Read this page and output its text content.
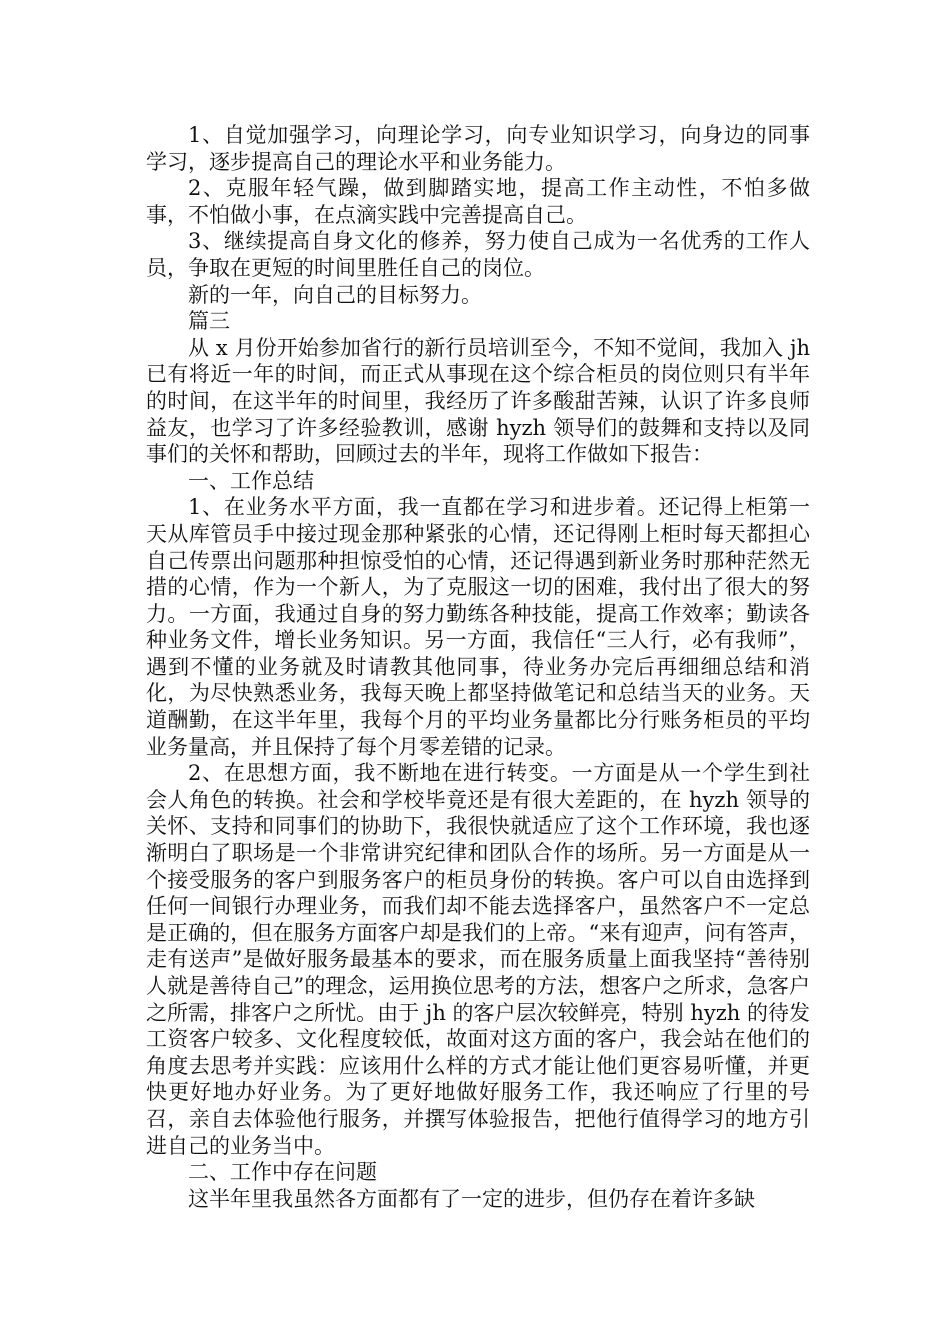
1、自觉加强学习，向理论学习，向专业知识学习，向身边的同事学习，逐步提高自己的理论水平和业务能力。

2、克服年轻气躁，做到脚踏实地，提高工作主动性，不怕多做事，不怕做小事，在点滴实践中完善提高自己。

3、继续提高自身文化的修养，努力使自己成为一名优秀的工作人员，争取在更短的时间里胜任自己的岗位。

新的一年，向自己的目标努力。

篇三

从 x 月份开始参加省行的新行员培训至今，不知不觉间，我加入 jh 已有将近一年的时间，而正式从事现在这个综合柜员的岗位则只有半年的时间，在这半年的时间里，我经历了许多酸甜苦辣，认识了许多良师益友，也学习了许多经验教训，感谢 hyzh 领导们的鼓舞和支持以及同事们的关怀和帮助，回顾过去的半年，现将工作做如下报告：

一、工作总结

1、在业务水平方面，我一直都在学习和进步着。还记得上柜第一天从库管员手中接过现金那种紧张的心情，还记得刚上柜时每天都担心自己传票出问题那种担惊受怕的心情，还记得遇到新业务时那种茫然无措的心情，作为一个新人，为了克服这一切的困难，我付出了很大的努力。一方面，我通过自身的努力勤练各种技能，提高工作效率；勤读各种业务文件，增长业务知识。另一方面，我信任“三人行，必有我师”，遇到不懂的业务就及时请教其他同事，待业务办完后再细细总结和消化，为尽快熟悉业务，我每天晚上都坚持做笔记和总结当天的业务。天道酬勤，在这半年里，我每个月的平均业务量都比分行账务柜员的平均业务量高，并且保持了每个月零差错的记录。

2、在思想方面，我不断地在进行转变。一方面是从一个学生到社会人角色的转换。社会和学校毕竟还是有很大差距的，在 hyzh 领导的关怀、支持和同事们的协助下，我很快就适应了这个工作环境，我也逐渐明白了职场是一个非常讲究纪律和团队合作的场所。另一方面是从一个接受服务的客户到服务客户的柜员身份的转换。客户可以自由选择到任何一间银行办理业务，而我们却不能去选择客户，虽然客户不一定总是正确的，但在服务方面客户却是我们的上帝。“来有迎声，问有答声，走有送声”是做好服务最基本的要求，而在服务质量上面我坚持“善待别人就是善待自己”的理念，运用换位思考的方法，想客户之所求，急客户之所需，排客户之所忧。由于 jh 的客户层次较鲜亮，特别 hyzh 的待发工资客户较多、文化程度较低，故面对这方面的客户，我会站在他们的角度去思考并实践：应该用什么样的方式才能让他们更容易听懂，并更快更好地办好业务。为了更好地做好服务工作，我还响应了行里的号召，亲自去体验他行服务，并撰写体验报告，把他行值得学习的地方引进自己的业务当中。

二、工作中存在问题

这半年里我虽然各方面都有了一定的进步，但仍存在着许多缺
